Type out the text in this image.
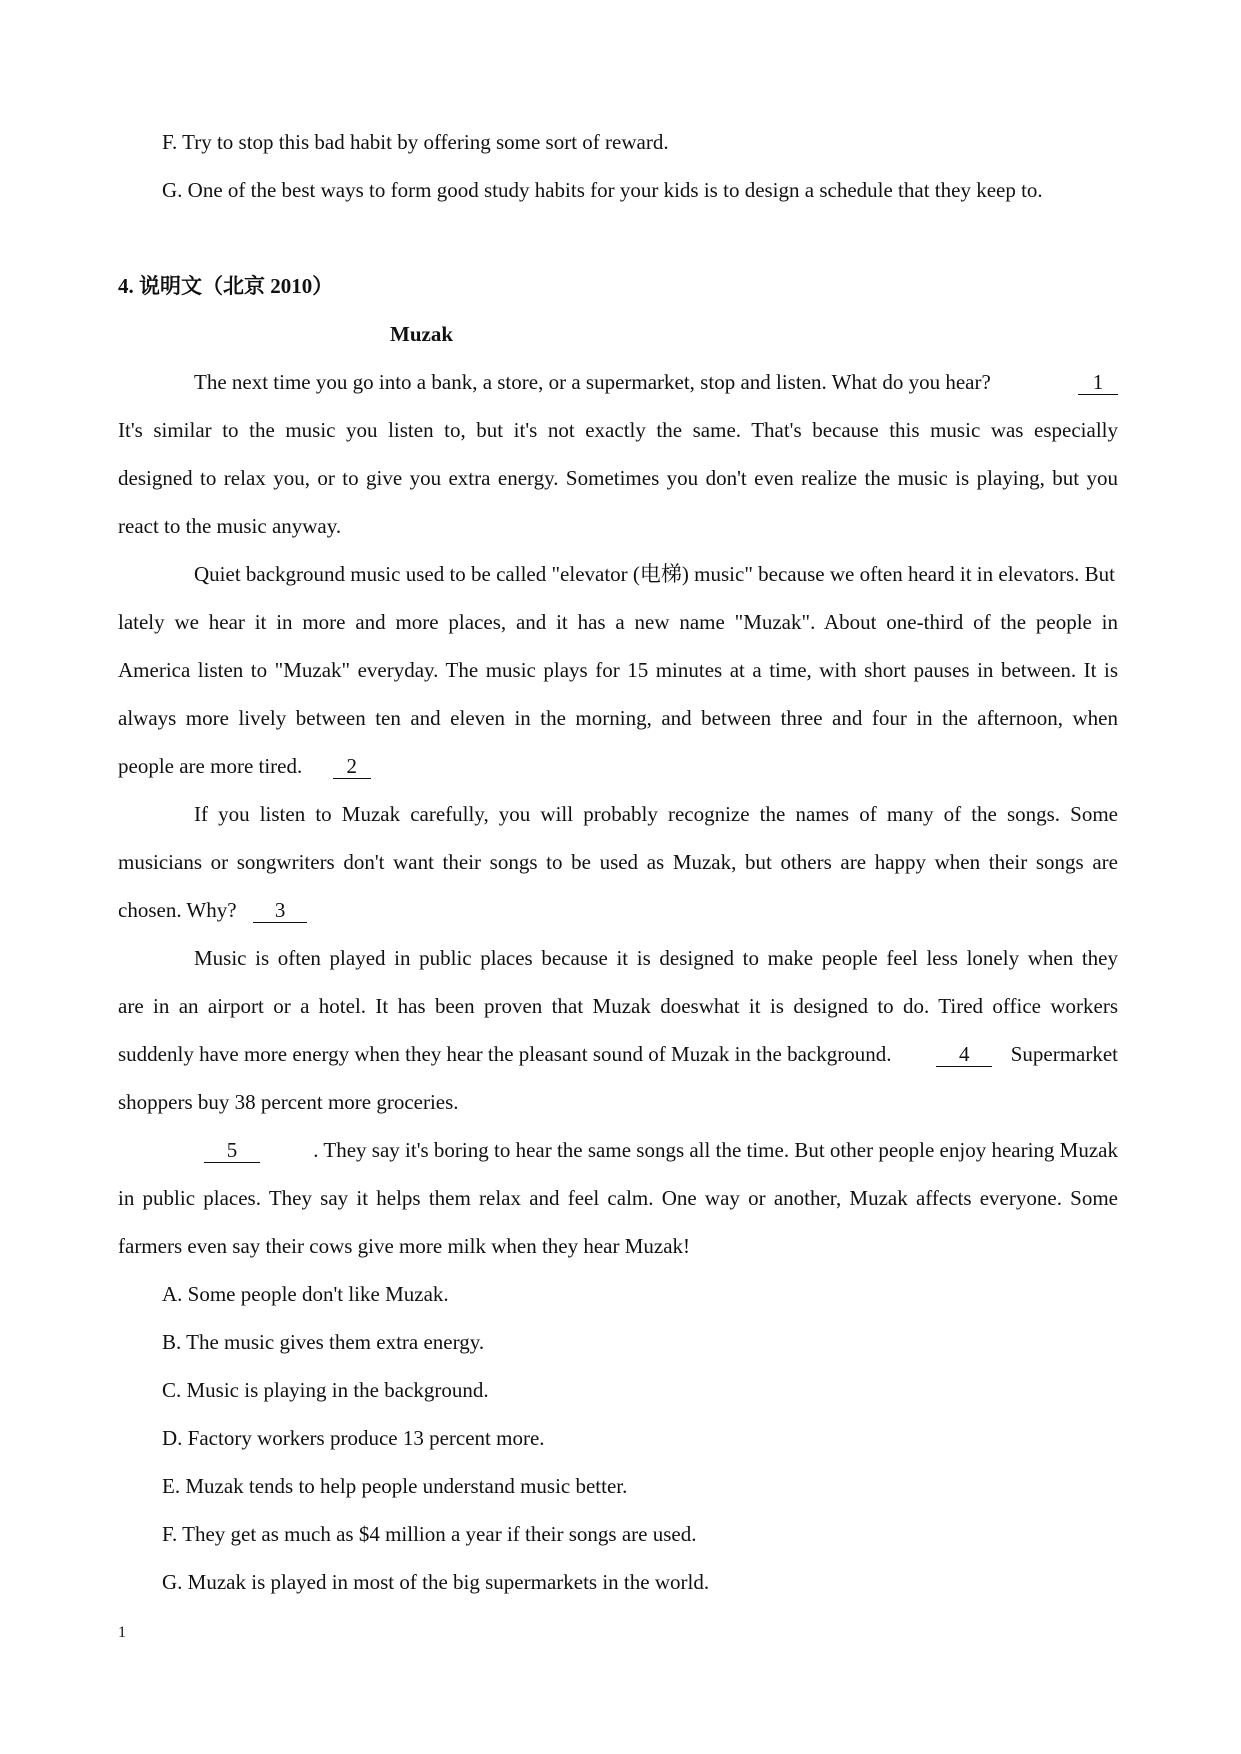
F. Try to stop this bad habit by offering some sort of reward.

G. One of the best ways to form good study habits for your kids is to design a schedule that they keep to.

4. 说明文（北京 2010）

Muzak

The next time you go into a bank, a store, or a supermarket, stop and listen. What do you hear?	1

It's similar to the music you listen to, but it's not exactly the same. That's because this music was especially

designed to relax you, or to give you extra energy. Sometimes you don't even realize the music is playing, but you

react to the music anyway.

Quiet background music used to be called "elevator (电梯) music" because we often heard it in elevators. But

lately we hear it in more and more places, and it has a new name "Muzak". About one-third of the people in

America listen to "Muzak" everyday. The music plays for 15 minutes at a time, with short pauses in between. It is

always more lively between ten and eleven in the morning, and between three and four in the afternoon, when

people are more tired. 2

If you listen to Muzak carefully, you will probably recognize the names of many of the songs. Some

musicians or songwriters don't want their songs to be used as Muzak, but others are happy when their songs are

chosen. Why? 3

Music is often played in public places because it is designed to make people feel less lonely when they

are in an airport or a hotel. It has been proven that Muzak doeswhat it is designed to do. Tired office workers

suddenly have more energy when they hear the pleasant sound of Muzak in the background.	4 Supermarket

shoppers buy 38 percent more groceries.

5	. They say it's boring to hear the same songs all the time. But other people enjoy hearing Muzak

in public places. They say it helps them relax and feel calm. One way or another, Muzak affects everyone. Some

farmers even say their cows give more milk when they hear Muzak!

A. Some people don't like Muzak.

B. The music gives them extra energy.

C. Music is playing in the background.

D. Factory workers produce 13 percent more.

E. Muzak tends to help people understand music better.

F. They get as much as $4 million a year if their songs are used.

G. Muzak is played in most of the big supermarkets in the world.

1
